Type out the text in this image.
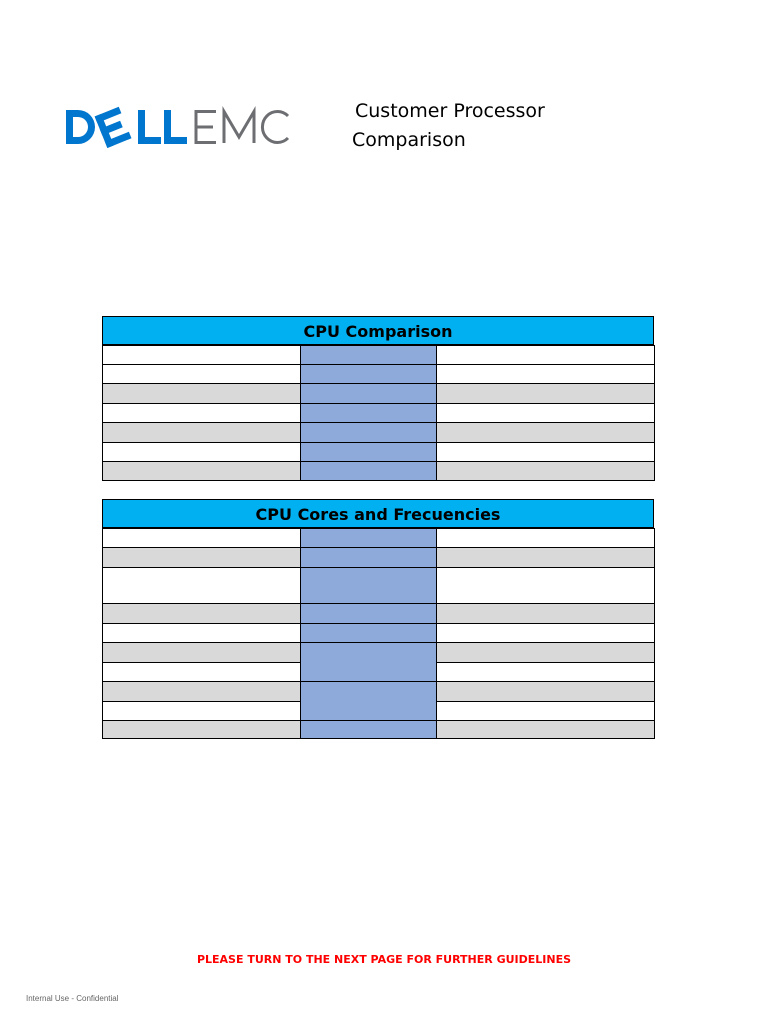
Customer Processor
Comparison
CPU Comparison
CPU Cores and Frecuencies
PLEASE TURN TO THE NEXT PAGE FOR FURTHER GUIDELINES
Internal Use - Confidential
